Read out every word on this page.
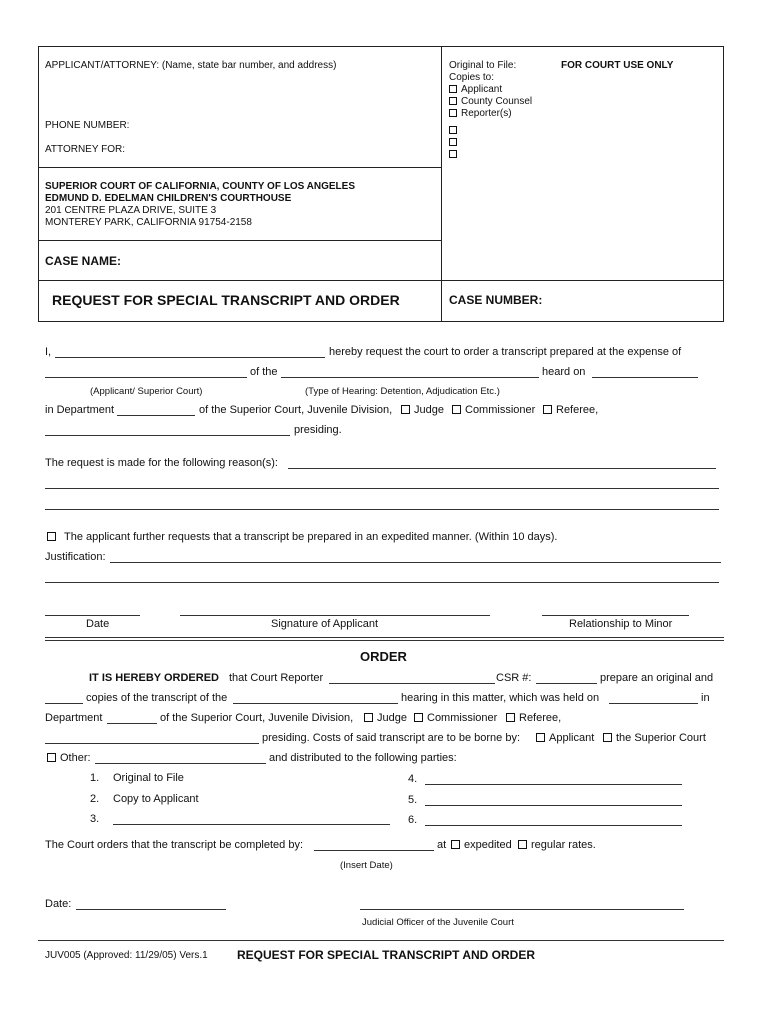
APPLICANT/ATTORNEY: (Name, state bar number, and address)
PHONE NUMBER:
ATTORNEY FOR:
Original to File:	FOR COURT USE ONLY
Copies to:
Applicant
County Counsel
Reporter(s)
SUPERIOR COURT OF CALIFORNIA, COUNTY OF LOS ANGELES
EDMUND D. EDELMAN CHILDREN'S COURTHOUSE
201 CENTRE PLAZA DRIVE, SUITE 3
MONTEREY PARK, CALIFORNIA 91754-2158
CASE NAME:
REQUEST FOR SPECIAL TRANSCRIPT AND ORDER	CASE NUMBER:
I,	hereby request the court to order a transcript prepared at the expense of
of the	heard on
(Applicant/ Superior Court)	(Type of Hearing: Detention, Adjudication Etc.)
in Department	of the Superior Court, Juvenile Division,	Judge	Commissioner	Referee,
presiding.
The request is made for the following reason(s):
The applicant further requests that a transcript be prepared in an expedited manner. (Within 10 days).
Justification:
Date	Signature of Applicant	Relationship to Minor
ORDER
IT IS HEREBY ORDERED that Court Reporter	CSR #:	prepare an original and
copies of the transcript of the	hearing in this matter, which was held on	in
Department	of the Superior Court, Juvenile Division,	Judge	Commissioner	Referee,
presiding. Costs of said transcript are to be borne by:	Applicant	the Superior Court
Other:	and distributed to the following parties:
1. Original to File
2. Copy to Applicant
3.
4.
5.
6.
The Court orders that the transcript be completed by:	at	expedited	regular rates.
(Insert Date)
Date:
Judicial Officer of the Juvenile Court
JUV005 (Approved: 11/29/05) Vers.1 REQUEST FOR SPECIAL TRANSCRIPT AND ORDER
